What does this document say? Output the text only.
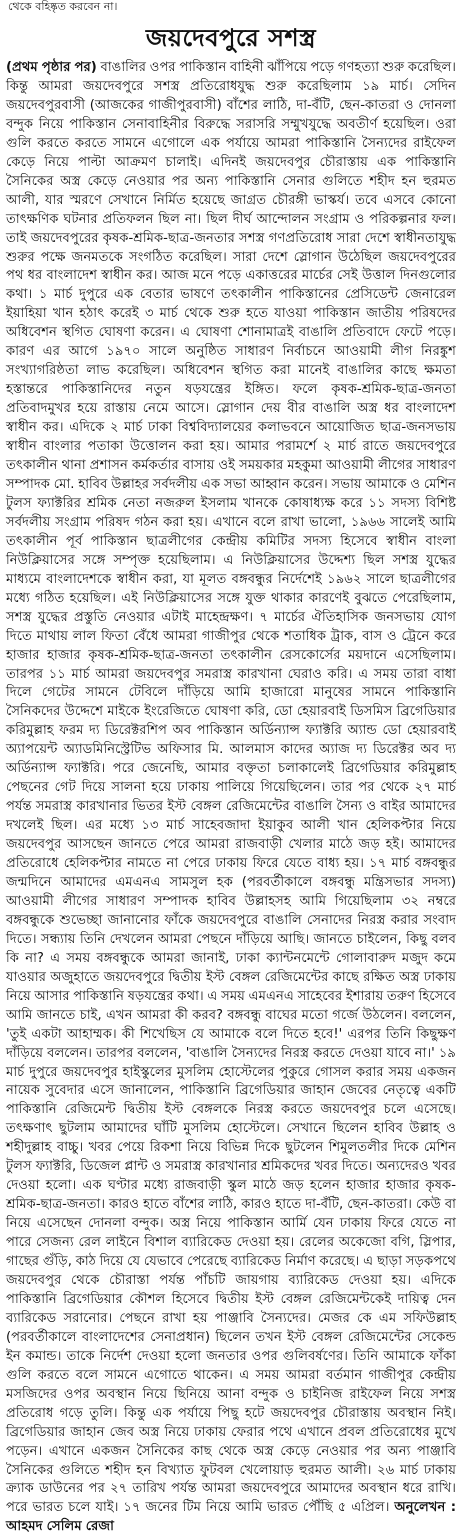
থেকে বহিষ্কৃত করবেন না।
জয়দেবপুরে সশস্ত্র
(প্রথম পৃষ্ঠার পর) বাঙালির ওপর পাকিস্তান বাহিনী ঝাঁপিয়ে পড়ে গণহত্যা শুরু করেছিল। কিন্তু আমরা জয়দেবপুরে সশস্ত্র প্রতিরোধযুদ্ধ শুরু করেছিলাম ১৯ মার্চ। সেদিন জয়দেবপুরবাসী (আজকের গাজীপুরবাসী) বাঁশের লাঠি, দা-বঁটি, ছেন-কাতরা ও দোনলা বন্দুক নিয়ে পাকিস্তান সেনাবাহিনীর বিরুদ্ধে সরাসরি সম্মুখযুদ্ধে অবতীর্ণ হয়েছিল। ওরা গুলি করতে করতে সামনে এগোলে এক পর্যায়ে আমরা পাকিস্তানি সৈন্যদের রাইফেল কেড়ে নিয়ে পাল্টা আক্রমণ চালাই। এদিনই জয়দেবপুর চৌরাস্তায় এক পাকিস্তানি সৈনিকের অস্ত্র কেড়ে নেওয়ার পর অন্য পাকিস্তানি সেনার গুলিতে শহীদ হন হুরমত আলী, যার স্মরণে সেখানে নির্মিত হয়েছে জাগ্রত চৌরঙ্গী ভাস্কর্য। তবে এসবে কোনো তাৎক্ষণিক ঘটনার প্রতিফলন ছিল না। ছিল দীর্ঘ আন্দোলন সংগ্রাম ও পরিকল্পনার ফল। তাই জয়দেবপুরের কৃষক-শ্রমিক-ছাত্র-জনতার সশস্ত্র গণপ্রতিরোধ সারা দেশে স্বাধীনতাযুদ্ধ শুরুর পক্ষে জনমতকে সংগঠিত করেছিল। সারা দেশে স্লোগান উঠেছিল জয়দেবপুরের পথ ধর বাংলাদেশ স্বাধীন কর। আজ মনে পড়ে একাত্তরের মার্চের সেই উত্তাল দিনগুলোর কথা। ১ মার্চ দুপুরে এক বেতার ভাষণে তৎকালীন পাকিস্তানের প্রেসিডেন্ট জেনারেল ইয়াহিয়া খান হঠাৎ করেই ৩ মার্চ থেকে শুরু হতে যাওয়া পাকিস্তান জাতীয় পরিষদের অধিবেশন স্থগিত ঘোষণা করেন। এ ঘোষণা শোনামাত্রই বাঙালি প্রতিবাদে ফেটে পড়ে। কারণ এর আগে ১৯৭০ সালে অনুষ্ঠিত সাধারণ নির্বাচনে আওয়ামী লীগ নিরঙ্কুশ সংখ্যাগরিষ্ঠতা লাভ করেছিল। অধিবেশন স্থগিত করা মানেই বাঙালির কাছে ক্ষমতা হস্তান্তরে পাকিস্তানিদের নতুন ষড়যন্ত্রের ইঙ্গিত। ফলে কৃষক-শ্রমিক-ছাত্র-জনতা প্রতিবাদমুখর হয়ে রাস্তায় নেমে আসে। স্লোগান দেয় বীর বাঙালি অস্ত্র ধর বাংলাদেশ স্বাধীন কর। এদিকে ২ মার্চ ঢাকা বিশ্ববিদ্যালয়ের কলাভবনে আয়োজিত ছাত্র-জনসভায় স্বাধীন বাংলার পতাকা উত্তোলন করা হয়। আমার পরামর্শে ২ মার্চ রাতে জয়দেবপুরে তৎকালীন থানা প্রশাসন কর্মকর্তার বাসায় ওই সময়কার মহকুমা আওয়ামী লীগের সাধারণ সম্পাদক মো. হাবিব উল্লাহর সর্বদলীয় এক সভা আহ্বান করেন। সভায় আমাকে ও মেশিন টুলস ফ্যাক্টরির শ্রমিক নেতা নজরুল ইসলাম খানকে কোষাধ্যক্ষ করে ১১ সদস্য বিশিষ্ট সর্বদলীয় সংগ্রাম পরিষদ গঠন করা হয়। এখানে বলে রাখা ভালো, ১৯৬৬ সালেই আমি তৎকালীন পূর্ব পাকিস্তান ছাত্রলীগের কেন্দ্রীয় কমিটির সদস্য হিসেবে স্বাধীন বাংলা নিউক্লিয়াসের সঙ্গে সম্পৃক্ত হয়েছিলাম। এ নিউক্লিয়াসের উদ্দেশ্য ছিল সশস্ত্র যুদ্ধের মাধ্যমে বাংলাদেশকে স্বাধীন করা, যা মূলত বঙ্গবন্ধুর নির্দেশেই ১৯৬২ সালে ছাত্রলীগের মধ্যে গঠিত হয়েছিল। এই নিউক্লিয়াসের সঙ্গে যুক্ত থাকার কারণেই বুঝতে পেরেছিলাম, সশস্ত্র যুদ্ধের প্রস্তুতি নেওয়ার এটাই মাহেন্দ্রক্ষণ। ৭ মার্চের ঐতিহাসিক জনসভায় যোগ দিতে মাথায় লাল ফিতা বেঁধে আমরা গাজীপুর থেকে শতাধিক ট্রাক, বাস ও ট্রেনে করে হাজার হাজার কৃষক-শ্রমিক-ছাত্র-জনতা তৎকালীন রেসকোর্সের ময়দানে এসেছিলাম। তারপর ১১ মার্চ আমরা জয়দেবপুর সমরাস্ত্র কারখানা ঘেরাও করি। এ সময় তারা বাধা দিলে গেটের সামনে টেবিলে দাঁড়িয়ে আমি হাজারো মানুষের সামনে পাকিস্তানি সৈনিকদের উদ্দেশে মাইকে ইংরেজিতে ঘোষণা করি, ডো হেয়ারবাই ডিসমিস ব্রিগেডিয়ার করিমুল্লাহ ফরম দ্য ডিরেক্টরশিপ অব পাকিস্তান অর্ডিন্যান্স ফ্যাক্টরি অ্যান্ড ডো হেয়ারবাই অ্যাপয়েন্ট অ্যাডমিনিস্ট্রেটিভ অফিসার মি. আলমাস কাদের অ্যাজ দ্য ডিরেক্টর অব দ্য অর্ডিন্যান্স ফ্যাক্টরি। পরে জেনেছি, আমার বক্তৃতা চলাকালেই ব্রিগেডিয়ার করিমুল্লাহ পেছনের গেট দিয়ে সালনা হয়ে ঢাকায় পালিয়ে গিয়েছিলেন। তার পর থেকে ২৭ মার্চ পর্যন্ত সমরাস্ত্র কারখানার ভিতর ইস্ট বেঙ্গল রেজিমেন্টের বাঙালি সৈন্য ও বাইর আমাদের দখলেই ছিল। এর মধ্যে ১৩ মার্চ সাহেবজাদা ইয়াকুব আলী খান হেলিকপ্টার নিয়ে জয়দেবপুর আসছেন জানতে পেরে আমরা রাজবাড়ী খেলার মাঠে জড় হই। আমাদের প্রতিরোধে হেলিকপ্টার নামতে না পেরে ঢাকায় ফিরে যেতে বাধ্য হয়। ১৭ মার্চ বঙ্গবন্ধুর জন্মদিনে আমাদের এমএনএ সামসুল হক (পরবর্তীকালে বঙ্গবন্ধু মন্ত্রিসভার সদস্য) আওয়ামী লীগের সাধারণ সম্পাদক হাবিব উল্লাহসহ আমি গিয়েছিলাম ৩২ নম্বরে বঙ্গবন্ধুকে শুভেচ্ছা জানানোর ফাঁকে জয়দেবপুরে বাঙালি সেনাদের নিরস্ত্র করার সংবাদ দিতে। সন্ধ্যায় তিনি দেখলেন আমরা পেছনে দাঁড়িয়ে আছি। জানতে চাইলেন, কিছু বলব কি না? এ সময় বঙ্গবন্ধুকে আমরা জানাই, ঢাকা ক্যান্টনমেন্টে গোলাবারুদ মজুদ কমে যাওয়ার অজুহাতে জয়দেবপুরে দ্বিতীয় ইস্ট বেঙ্গল রেজিমেন্টের কাছে রক্ষিত অস্ত্র ঢাকায় নিয়ে আসার পাকিস্তানি ষড়যন্ত্রের কথা। এ সময় এমএনএ সাহেবের ইশারায় তরুণ হিসেবে আমি জানতে চাই, এখন আমরা কী করব? বঙ্গবন্ধু বাঘের মতো গর্জে উঠলেন। বললেন, 'তুই একটা আহাম্মক। কী শিখেছিস যে আমাকে বলে দিতে হবে!' এরপর তিনি কিছুক্ষণ দাঁড়িয়ে বললেন। তারপর বললেন, 'বাঙালি সৈন্যদের নিরস্ত্র করতে দেওয়া যাবে না।' ১৯ মার্চ দুপুরে জয়দেবপুর হাইস্কুলের মুসলিম হোস্টেলের পুকুরে গোসল করার সময় একজন নায়েক সুবেদার এসে জানালেন, পাকিস্তানি ব্রিগেডিয়ার জাহান জেবের নেতৃত্বে একটি পাকিস্তানি রেজিমেন্ট দ্বিতীয় ইস্ট বেঙ্গলকে নিরস্ত্র করতে জয়দেবপুর চলে এসেছে। তৎক্ষণাৎ ছুটলাম আমাদের ঘাঁটি মুসলিম হোস্টেলে। সেখানে ছিলেন হাবিব উল্লাহ ও শহীদুল্লাহ বাচ্চু। খবর পেয়ে রিকশা নিয়ে বিভিন্ন দিকে ছুটলেন শিমুলতলীর দিকে মেশিন টুলস ফ্যাক্টরি, ডিজেল প্লান্ট ও সমরাস্ত্র কারখানার শ্রমিকদের খবর দিতে। অন্যদেরও খবর দেওয়া হলো। এক ঘণ্টার মধ্যে রাজবাড়ী স্কুল মাঠে জড় হলেন হাজার হাজার কৃষক-শ্রমিক-ছাত্র-জনতা। কারও হাতে বাঁশের লাঠি, কারও হাতে দা-বঁটি, ছেন-কাতরা। কেউ বা নিয়ে এসেছেন দোনলা বন্দুক। অস্ত্র নিয়ে পাকিস্তান আর্মি যেন ঢাকায় ফিরে যেতে না পারে সেজন্য রেল লাইনে বিশাল ব্যারিকেড দেওয়া হয়। রেলের অকেজো বগি, স্লিপার, গাছের গুঁড়ি, কাঠ দিয়ে যে যেভাবে পেরেছে ব্যারিকেড নির্মাণ করেছে। এ ছাড়া সড়কপথে জয়দেবপুর থেকে চৌরাস্তা পর্যন্ত পাঁচটি জায়গায় ব্যারিকেড দেওয়া হয়। এদিকে পাকিস্তানি ব্রিগেডিয়ার কৌশল হিসেবে দ্বিতীয় ইস্ট বেঙ্গল রেজিমেন্টকেই দায়িত্ব দেন ব্যারিকেড সরানোর। পেছনে রাখা হয় পাঞ্জাবি সৈন্যদের। মেজর কে এম সফিউল্লাহ (পরবর্তীকালে বাংলাদেশের সেনাপ্রধান) ছিলেন তখন ইস্ট বেঙ্গল রেজিমেন্টের সেকেন্ড ইন কমান্ড। তাকে নির্দেশ দেওয়া হলো জনতার ওপর গুলিবর্ষণের। তিনি আমাকে ফাঁকা গুলি করতে বলে সামনে এগোতে থাকেন। এ সময় আমরা বর্তমান গাজীপুর কেন্দ্রীয় মসজিদের ওপর অবস্থান নিয়ে ছিনিয়ে আনা বন্দুক ও চাইনিজ রাইফেল নিয়ে সশস্ত্র প্রতিরোধ গড়ে তুলি। কিন্তু এক পর্যায়ে পিছু হটে জয়দেবপুর চৌরাস্তায় অবস্থান নিই। ব্রিগেডিয়ার জাহান জেব অস্ত্র নিয়ে ঢাকায় ফেরার পথে এখানে প্রবল প্রতিরোধের মুখে পড়েন। এখানে একজন সৈনিকের কাছ থেকে অস্ত্র কেড়ে নেওয়ার পর অন্য পাঞ্জাবি সৈনিকের গুলিতে শহীদ হন বিখ্যাত ফুটবল খেলোয়াড় হুরমত আলী। ২৬ মার্চ ঢাকায় ক্র্যাক ডাউনের পর ২৭ তারিখ পর্যন্ত আমরা জয়দেবপুরে আমাদের অবস্থান ধরে রাখি। পরে ভারত চলে যাই। ১৭ জনের টিম নিয়ে আমি ভারত পৌঁছি ৫ এপ্রিল। অনুলেখন : আহমদ সেলিম রেজা
